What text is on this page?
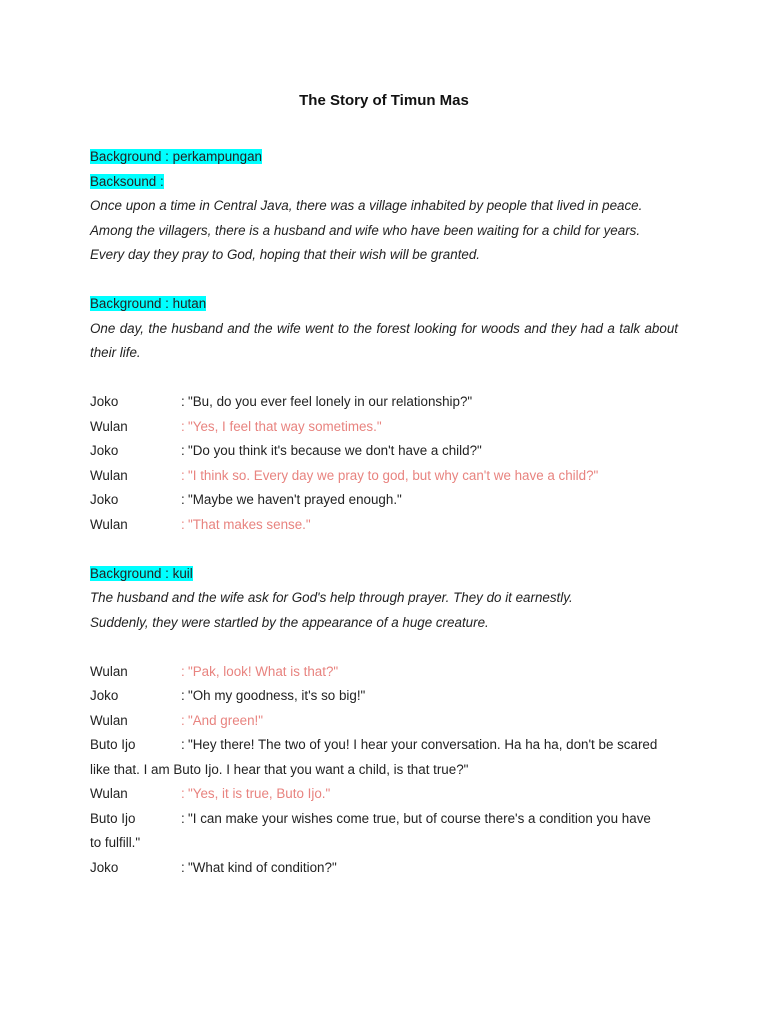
The Story of Timun Mas
Background : perkampungan
Backsound :
Once upon a time in Central Java, there was a village inhabited by people that lived in peace.
Among the villagers, there is a husband and wife who have been waiting for a child for years.
Every day they pray to God, hoping that their wish will be granted.
Background : hutan
One day, the husband and the wife went to the forest looking for woods and they had a talk about their life.
Joko	: "Bu, do you ever feel lonely in our relationship?"
Wulan	: "Yes, I feel that way sometimes."
Joko	: "Do you think it's because we don't have a child?"
Wulan	: "I think so. Every day we pray to god, but why can't we have a child?"
Joko	: "Maybe we haven't prayed enough."
Wulan	: "That makes sense."
Background : kuil
The husband and the wife ask for God's help through prayer. They do it earnestly.
Suddenly, they were startled by the appearance of a huge creature.
Wulan	: "Pak, look! What is that?"
Joko	: "Oh my goodness, it's so big!"
Wulan	: "And green!"
Buto Ijo	: "Hey there! The two of you! I hear your conversation. Ha ha ha, don't be scared
like that. I am Buto Ijo. I hear that you want a child, is that true?"
Wulan	: "Yes, it is true, Buto Ijo."
Buto Ijo	: "I can make your wishes come true, but of course there's a condition you have
to fulfill."
Joko	: "What kind of condition?"
